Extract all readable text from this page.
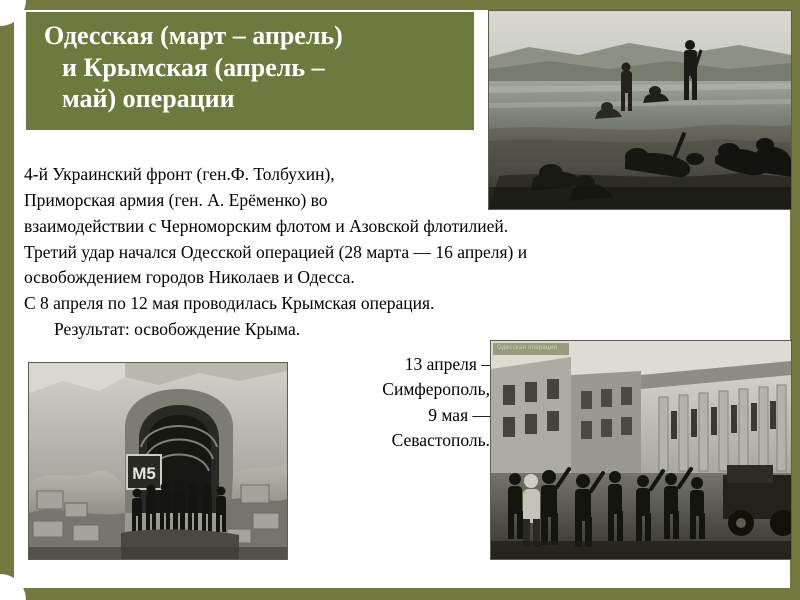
Одесская (март – апрель)
и Крымская (апрель –
май) операции

4-й Украинский фронт (ген.Ф. Толбухин),

Приморская армия (ген. А. Ерёменко) во

взаимодействии с Черноморским флотом и Азовской флотилией.

Третий удар начался Одесской операцией (28 марта — 16 апреля) и

освобождением городов Николаев и Одесса.

С 8 апреля по 12 мая проводилась Крымская операция.

Результат: освобождение Крыма.

13 апреля –

Симферополь,

9 мая —

Севастополь.

М5
Одесская операция
